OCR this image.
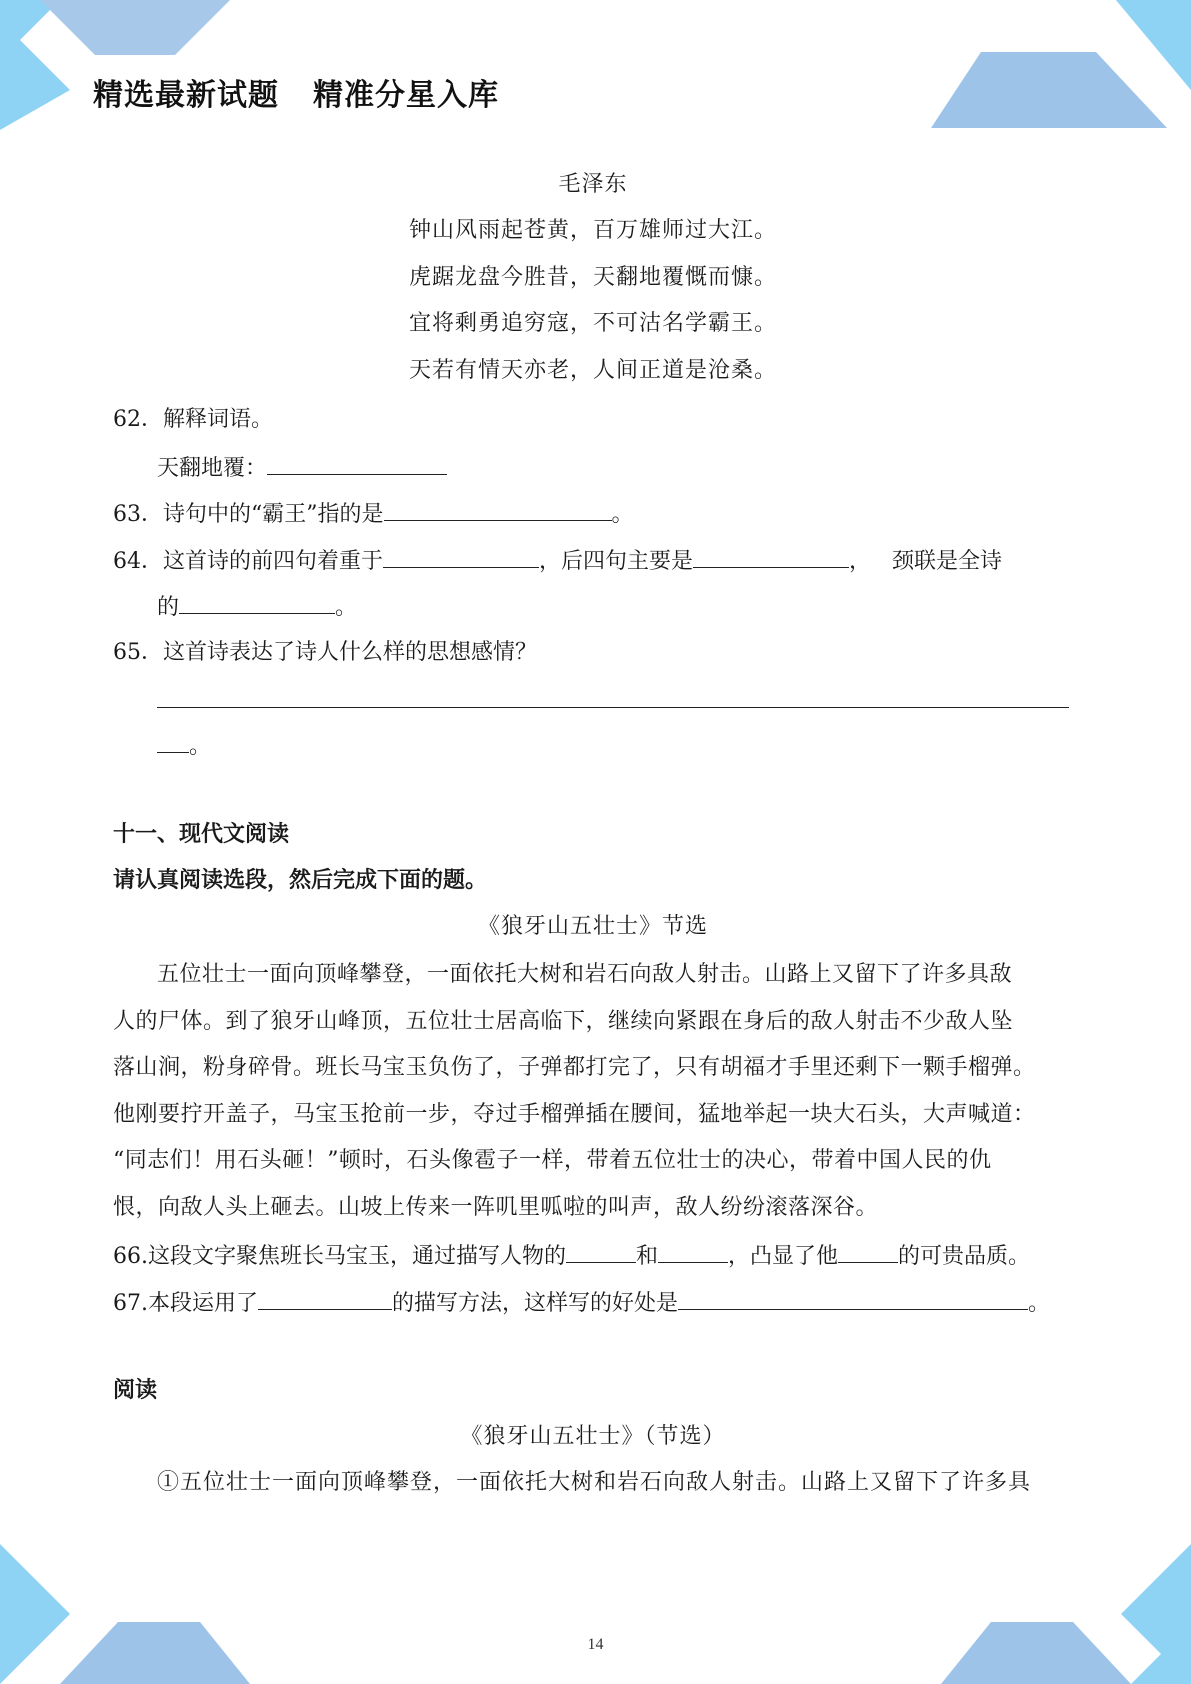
精选最新试题 精准分星入库

毛泽东

钟山风雨起苍黄，百万雄师过大江。

虎踞龙盘今胜昔，天翻地覆慨而慷。

宜将剩勇追穷寇，不可沽名学霸王。

天若有情天亦老，人间正道是沧桑。

62．解释词语。

天翻地覆：

63．诗句中的“霸王”指的是	。

64．这首诗的前四句着重于	，后四句主要是	，   颈联是全诗

的	。

65．这首诗表达了诗人什么样的思想感情？

。

十一、现代文阅读

请认真阅读选段，然后完成下面的题。

《狼牙山五壮士》节选

五位壮士一面向顶峰攀登，一面依托大树和岩石向敌人射击。山路上又留下了许多具敌
人的尸体。到了狼牙山峰顶，五位壮士居高临下，继续向紧跟在身后的敌人射击不少敌人坠
落山涧，粉身碎骨。班长马宝玉负伤了，子弹都打完了，只有胡福才手里还剩下一颗手榴弹。
他刚要拧开盖子，马宝玉抢前一步，夺过手榴弹插在腰间，猛地举起一块大石头，大声喊道：
“同志们！用石头砸！”顿时，石头像雹子一样，带着五位壮士的决心，带着中国人民的仇
恨，向敌人头上砸去。山坡上传来一阵叽里呱啦的叫声，敌人纷纷滚落深谷。

66.这段文字聚焦班长马宝玉，通过描写人物的	和	，凸显了他	的可贵品质。

67.本段运用了	的描写方法，这样写的好处是	。

阅读

《狼牙山五壮士》（节选）

①五位壮士一面向顶峰攀登，一面依托大树和岩石向敌人射击。山路上又留下了许多具

14
